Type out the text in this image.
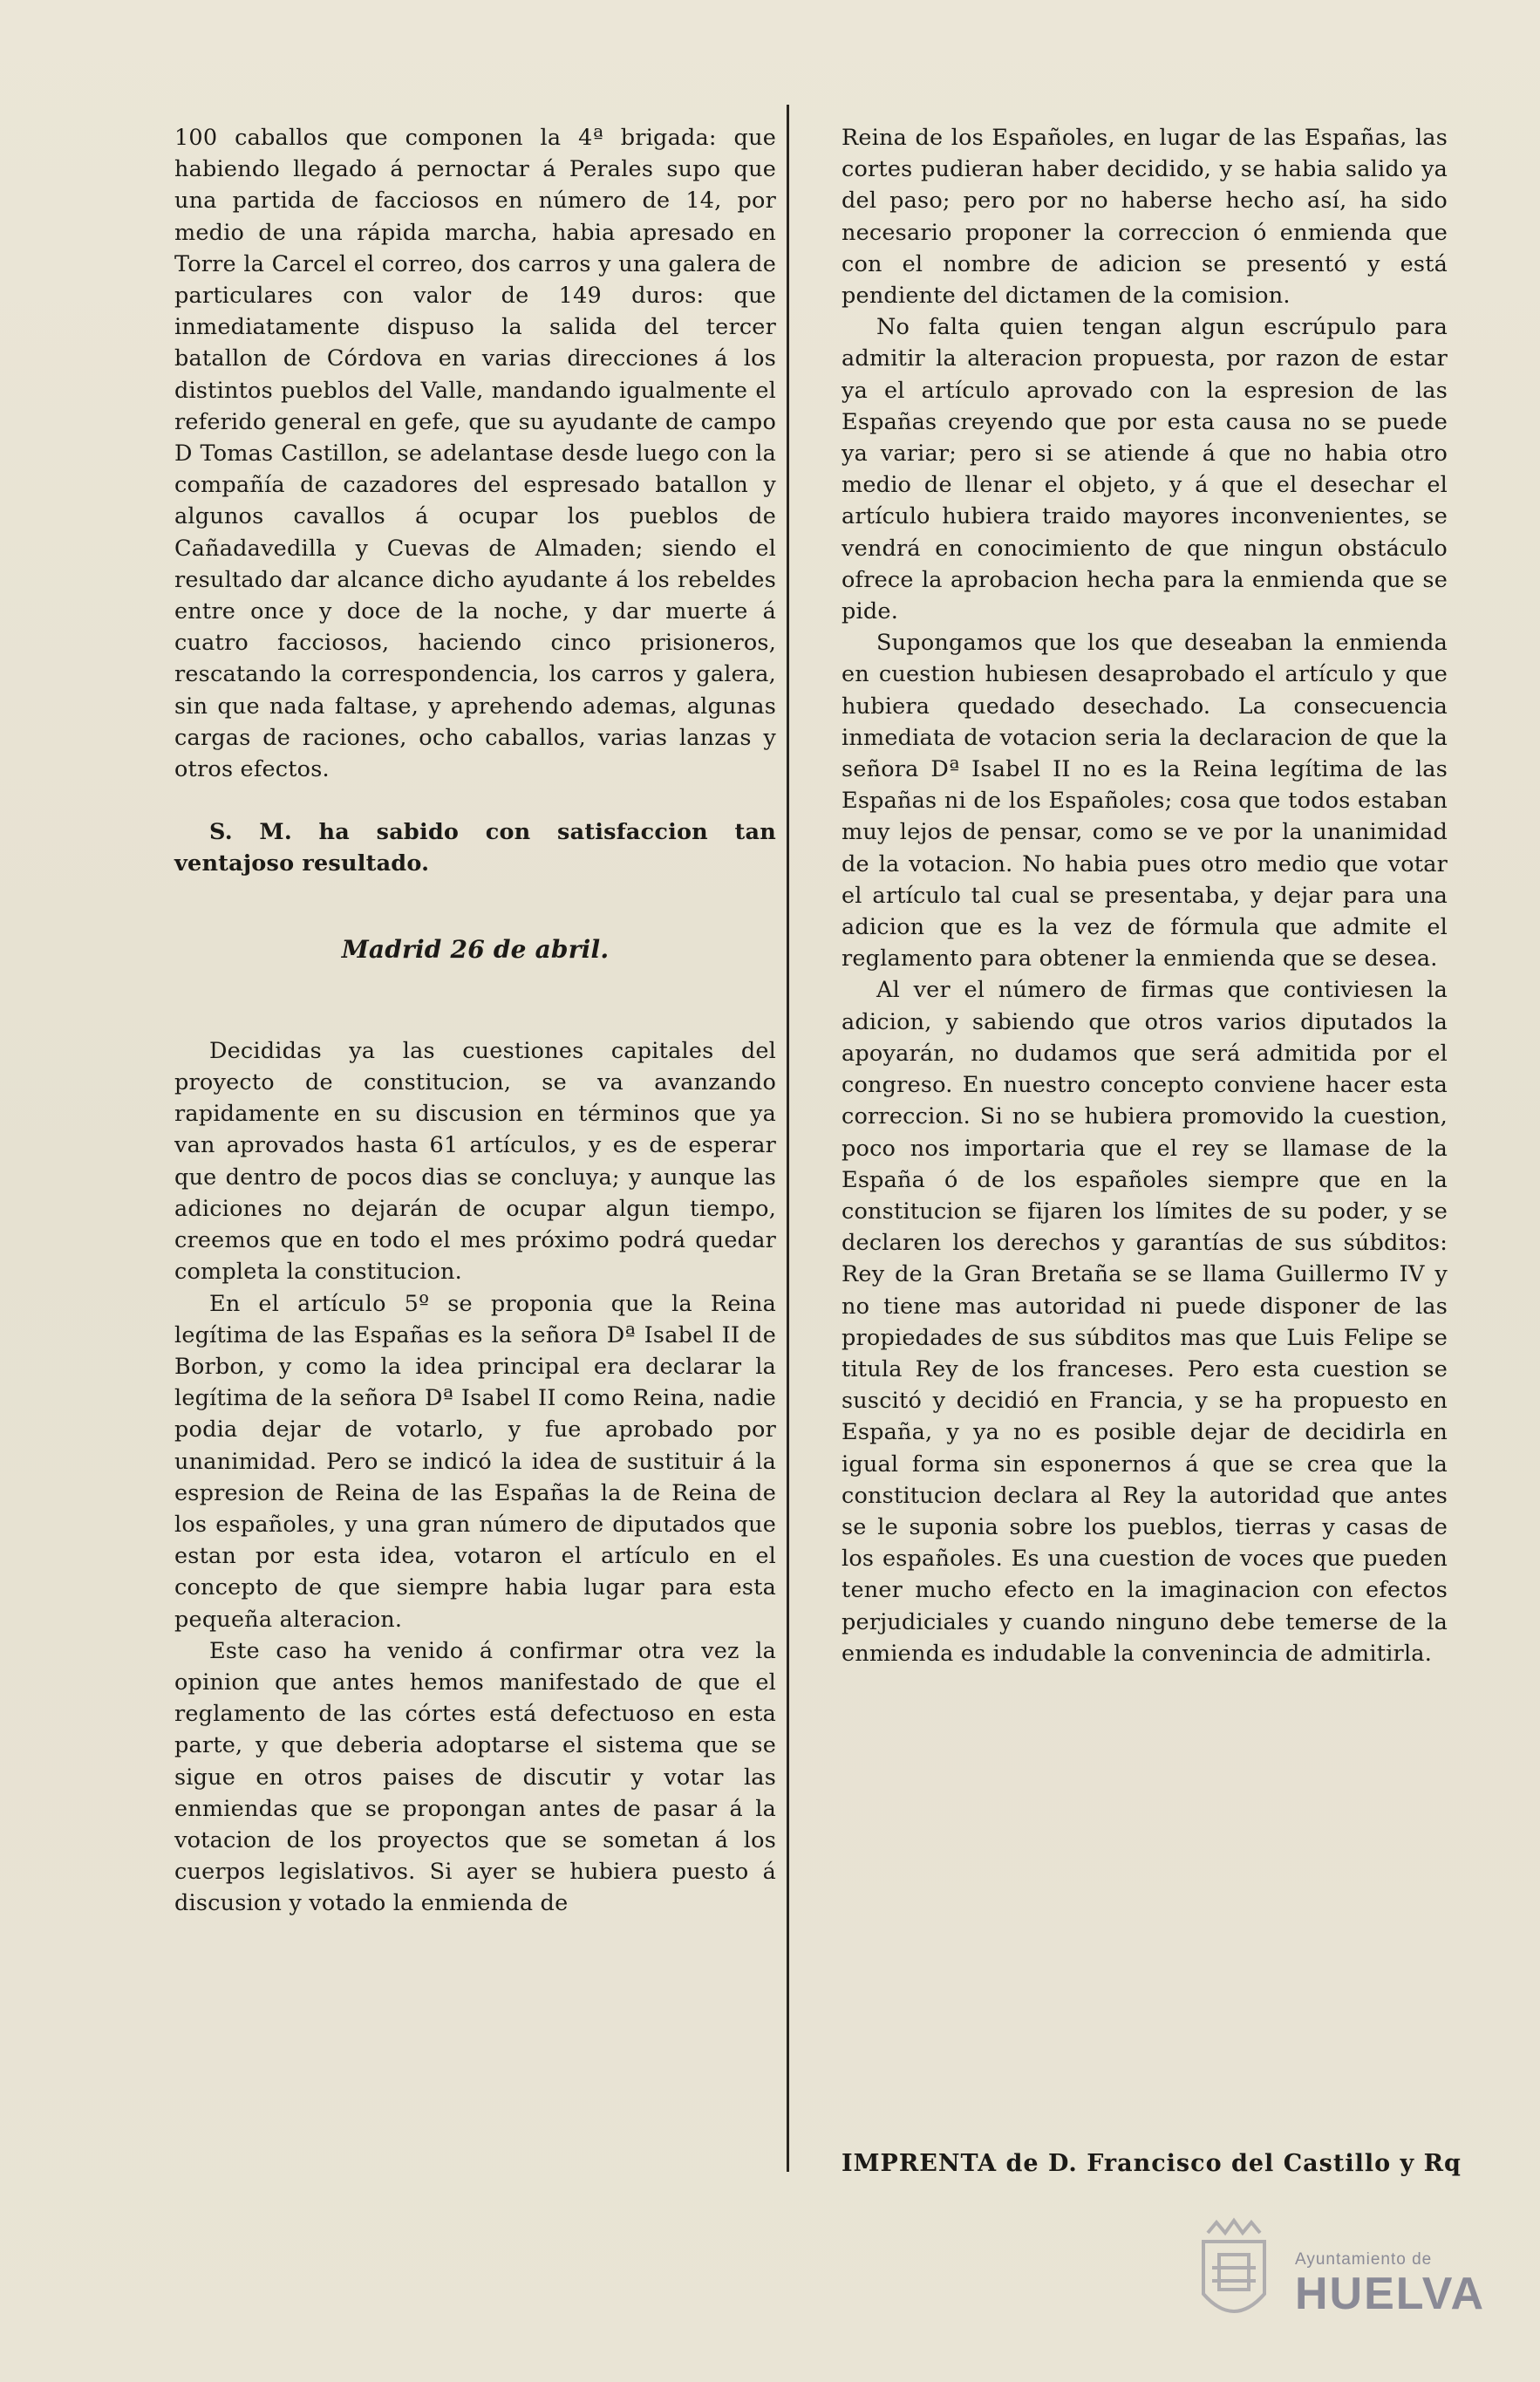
100 caballos que componen la 4ª brigada: que habiendo llegado á pernoctar á Perales supo que una partida de facciosos en número de 14, por medio de una rápida marcha, habia apresado en Torre la Carcel el correo, dos carros y una galera de particulares con valor de 149 duros: que inmediatamente dispuso la salida del tercer batallon de Córdova en varias direcciones á los distintos pueblos del Valle, mandando igualmente el referido general en gefe, que su ayudante de campo D Tomas Castillon, se adelantase desde luego con la compañía de cazadores del espresado batallon y algunos cavallos á ocupar los pueblos de Cañadavedilla y Cuevas de Almaden; siendo el resultado dar alcance dicho ayudante á los rebeldes entre once y doce de la noche, y dar muerte á cuatro facciosos, haciendo cinco prisioneros, rescatando la correspondencia, los carros y galera, sin que nada faltase, y aprehendo ademas, algunas cargas de raciones, ocho caballos, varias lanzas y otros efectos.

S. M. ha sabido con satisfaccion tan ventajoso resultado.

Madrid 26 de abril.

Decididas ya las cuestiones capitales del proyecto de constitucion, se va avanzando rapidamente en su discusion en términos que ya van aprovados hasta 61 artículos, y es de esperar que dentro de pocos dias se concluya; y aunque las adiciones no dejarán de ocupar algun tiempo, creemos que en todo el mes próximo podrá quedar completa la constitucion.

En el artículo 5º se proponia que la Reina legítima de las Españas es la señora Dª Isabel II de Borbon, y como la idea principal era declarar la legítima de la señora Dª Isabel II como Reina, nadie podia dejar de votarlo, y fue aprobado por unanimidad. Pero se indicó la idea de sustituir á la espresion de Reina de las Españas la de Reina de los españoles, y una gran número de diputados que estan por esta idea, votaron el artículo en el concepto de que siempre habia lugar para esta pequeña alteracion.

Este caso ha venido á confirmar otra vez la opinion que antes hemos manifestado de que el reglamento de las córtes está defectuoso en esta parte, y que deberia adoptarse el sistema que se sigue en otros paises de discutir y votar las enmiendas que se propongan antes de pasar á la votacion de los proyectos que se sometan á los cuerpos legislativos. Si ayer se hubiera puesto á discusion y votado la enmienda de

Reina de los Españoles, en lugar de las Españas, las cortes pudieran haber decidido, y se habia salido ya del paso; pero por no haberse hecho así, ha sido necesario proponer la correccion ó enmienda que con el nombre de adicion se presentó y está pendiente del dictamen de la comision.

No falta quien tengan algun escrúpulo para admitir la alteracion propuesta, por razon de estar ya el artículo aprovado con la espresion de las Españas creyendo que por esta causa no se puede ya variar; pero si se atiende á que no habia otro medio de llenar el objeto, y á que el desechar el artículo hubiera traido mayores inconvenientes, se vendrá en conocimiento de que ningun obstáculo ofrece la aprobacion hecha para la enmienda que se pide.

Supongamos que los que deseaban la enmienda en cuestion hubiesen desaprobado el artículo y que hubiera quedado desechado. La consecuencia inmediata de votacion seria la declaracion de que la señora Dª Isabel II no es la Reina legítima de las Españas ni de los Españoles; cosa que todos estaban muy lejos de pensar, como se ve por la unanimidad de la votacion. No habia pues otro medio que votar el artículo tal cual se presentaba, y dejar para una adicion que es la vez de fórmula que admite el reglamento para obtener la enmienda que se desea.

Al ver el número de firmas que contiviesen la adicion, y sabiendo que otros varios diputados la apoyarán, no dudamos que será admitida por el congreso. En nuestro concepto conviene hacer esta correccion. Si no se hubiera promovido la cuestion, poco nos importaria que el rey se llamase de la España ó de los españoles siempre que en la constitucion se fijaren los límites de su poder, y se declaren los derechos y garantías de sus súbditos: Rey de la Gran Bretaña se se llama Guillermo IV y no tiene mas autoridad ni puede disponer de las propiedades de sus súbditos mas que Luis Felipe se titula Rey de los franceses. Pero esta cuestion se suscitó y decidió en Francia, y se ha propuesto en España, y ya no es posible dejar de decidirla en igual forma sin esponernos á que se crea que la constitucion declara al Rey la autoridad que antes se le suponia sobre los pueblos, tierras y casas de los españoles. Es una cuestion de voces que pueden tener mucho efecto en la imaginacion con efectos perjudiciales y cuando ninguno debe temerse de la enmienda es indudable la convenincia de admitirla.

IMPRENTA de D. Francisco del Castillo y Rq
Ayuntamiento de
HUELVA
